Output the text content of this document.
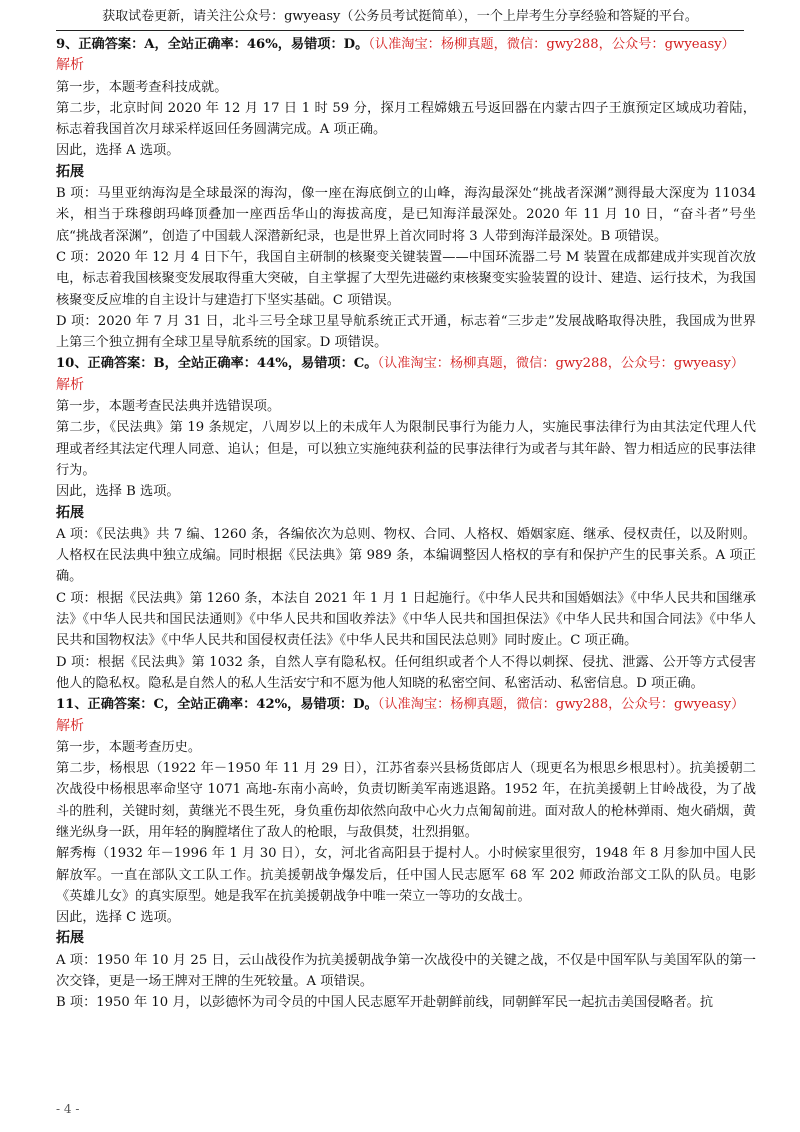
获取试卷更新，请关注公众号：gwyeasy（公务员考试挺简单），一个上岸考生分享经验和答疑的平台。

9、正确答案：A，全站正确率：46%，易错项：D。（认准淘宝：杨柳真题，微信：gwy288，公众号：gwyeasy）

解析

第一步，本题考查科技成就。

第二步，北京时间 2020 年 12 月 17 日 1 时 59 分，探月工程嫦娥五号返回器在内蒙古四子王旗预定区域成功着陆，标志着我国首次月球采样返回任务圆满完成。A 项正确。

因此，选择 A 选项。

拓展

B 项：马里亚纳海沟是全球最深的海沟，像一座在海底倒立的山峰，海沟最深处“挑战者深渊”测得最大深度为 11034 米，相当于珠穆朗玛峰顶叠加一座西岳华山的海拔高度，是已知海洋最深处。2020 年 11 月 10 日，“奋斗者”号坐底“挑战者深渊”，创造了中国载人深潜新纪录，也是世界上首次同时将 3 人带到海洋最深处。B 项错误。

C 项：2020 年 12 月 4 日下午，我国自主研制的核聚变关键装置——中国环流器二号 M 装置在成都建成并实现首次放电，标志着我国核聚变发展取得重大突破，自主掌握了大型先进磁约束核聚变实验装置的设计、建造、运行技术，为我国核聚变反应堆的自主设计与建造打下坚实基础。C 项错误。

D 项：2020 年 7 月 31 日，北斗三号全球卫星导航系统正式开通，标志着“三步走”发展战略取得决胜，我国成为世界上第三个独立拥有全球卫星导航系统的国家。D 项错误。

10、正确答案：B，全站正确率：44%，易错项：C。（认准淘宝：杨柳真题，微信：gwy288，公众号：gwyeasy）

解析

第一步，本题考查民法典并选错误项。

第二步，《民法典》第 19 条规定，八周岁以上的未成年人为限制民事行为能力人，实施民事法律行为由其法定代理人代理或者经其法定代理人同意、追认；但是，可以独立实施纯获利益的民事法律行为或者与其年龄、智力相适应的民事法律行为。

因此，选择 B 选项。

拓展

A 项：《民法典》共 7 编、1260 条，各编依次为总则、物权、合同、人格权、婚姻家庭、继承、侵权责任，以及附则。人格权在民法典中独立成编。同时根据《民法典》第 989 条，本编调整因人格权的享有和保护产生的民事关系。A 项正确。

C 项：根据《民法典》第 1260 条，本法自 2021 年 1 月 1 日起施行。《中华人民共和国婚姻法》《中华人民共和国继承法》《中华人民共和国民法通则》《中华人民共和国收养法》《中华人民共和国担保法》《中华人民共和国合同法》《中华人民共和国物权法》《中华人民共和国侵权责任法》《中华人民共和国民法总则》同时废止。C 项正确。

D 项：根据《民法典》第 1032 条，自然人享有隐私权。任何组织或者个人不得以刺探、侵扰、泄露、公开等方式侵害他人的隐私权。隐私是自然人的私人生活安宁和不愿为他人知晓的私密空间、私密活动、私密信息。D 项正确。

11、正确答案：C，全站正确率：42%，易错项：D。（认准淘宝：杨柳真题，微信：gwy288，公众号：gwyeasy）

解析

第一步，本题考查历史。

第二步，杨根思（1922 年－1950 年 11 月 29 日），江苏省泰兴县杨货郎店人（现更名为根思乡根思村）。抗美援朝二次战役中杨根思率命坚守 1071 高地-东南小高岭，负责切断美军南逃退路。1952 年，在抗美援朝上甘岭战役，为了战斗的胜利，关键时刻，黄继光不畏生死，身负重伤却依然向敌中心火力点匍匐前进。面对敌人的枪林弹雨、炮火硝烟，黄继光纵身一跃，用年轻的胸膛堵住了敌人的枪眼，与敌俱焚，壮烈捐躯。

解秀梅（1932 年－1996 年 1 月 30 日），女，河北省高阳县于提村人。小时候家里很穷，1948 年 8 月参加中国人民解放军。一直在部队文工队工作。抗美援朝战争爆发后，任中国人民志愿军 68 军 202 师政治部文工队的队员。电影《英雄儿女》的真实原型。她是我军在抗美援朝战争中唯一荣立一等功的女战士。

因此，选择 C 选项。

拓展

A 项：1950 年 10 月 25 日，云山战役作为抗美援朝战争第一次战役中的关键之战，不仅是中国军队与美国军队的第一次交锋，更是一场王牌对王牌的生死较量。A 项错误。

B 项：1950 年 10 月，以彭德怀为司令员的中国人民志愿军开赴朝鲜前线，同朝鲜军民一起抗击美国侵略者。抗

- 4 -
